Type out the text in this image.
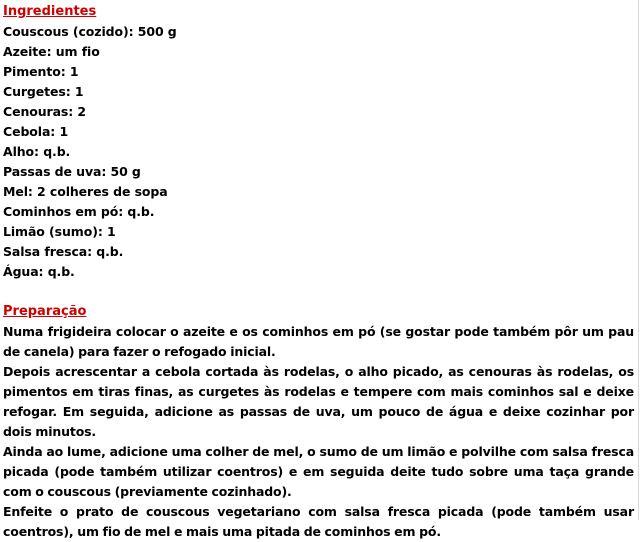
Ingredientes
Couscous (cozido): 500 g
Azeite: um fio
Pimento: 1
Curgetes: 1
Cenouras: 2
Cebola: 1
Alho: q.b.
Passas de uva: 50 g
Mel: 2 colheres de sopa
Cominhos em pó: q.b.
Limão (sumo): 1
Salsa fresca: q.b.
Água: q.b.
Preparação
Numa frigideira colocar o azeite e os cominhos em pó (se gostar pode também pôr um pau de canela) para fazer o refogado inicial.
Depois acrescentar a cebola cortada às rodelas, o alho picado, as cenouras às rodelas, os pimentos em tiras finas, as curgetes às rodelas e tempere com mais cominhos sal e deixe refogar. Em seguida, adicione as passas de uva, um pouco de água e deixe cozinhar por dois minutos.
Ainda ao lume, adicione uma colher de mel, o sumo de um limão e polvilhe com salsa fresca picada (pode também utilizar coentros) e em seguida deite tudo sobre uma taça grande com o couscous (previamente cozinhado).
Enfeite o prato de couscous vegetariano com salsa fresca picada (pode também usar coentros), um fio de mel e mais uma pitada de cominhos em pó.
